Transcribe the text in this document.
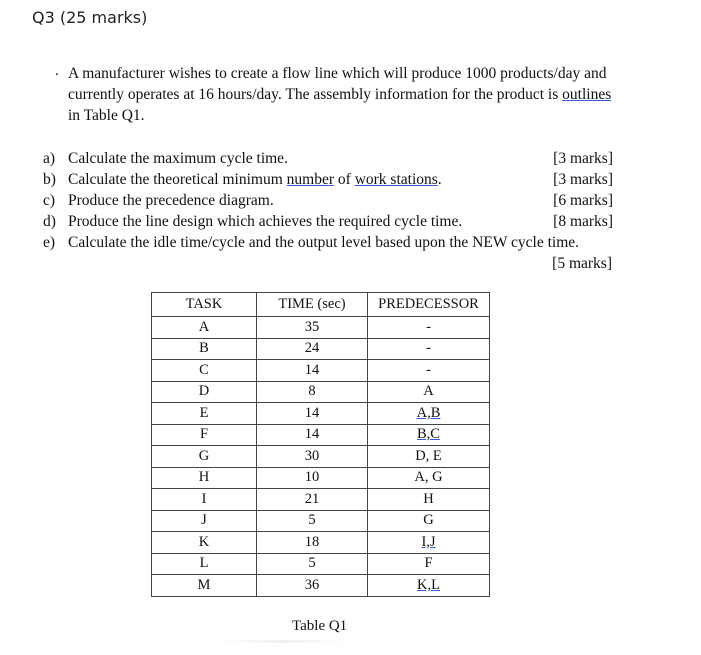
Q3 (25 marks)
. A manufacturer wishes to create a flow line which will produce 1000 products/day and currently operates at 16 hours/day. The assembly information for the product is outlines
in Table Q1.
a) Calculate the maximum cycle time.	[3 marks]
b) Calculate the theoretical minimum number of work stations.	[3 marks]
c) Produce the precedence diagram.	[6 marks]
d) Produce the line design which achieves the required cycle time.	[8 marks]
e) Calculate the idle time/cycle and the output level based upon the NEW cycle time.
[5 marks]
TASK	TIME (sec)	PREDECESSOR
A	35	-
B	24	-
C	14	-
D	8	A
E	14	A,B
F	14	B,C
G	30	D, E
H	10	A, G
I	21	H
J	5	G
K	18	I,J
L	5	F
M	36	K,L
Table Q1
